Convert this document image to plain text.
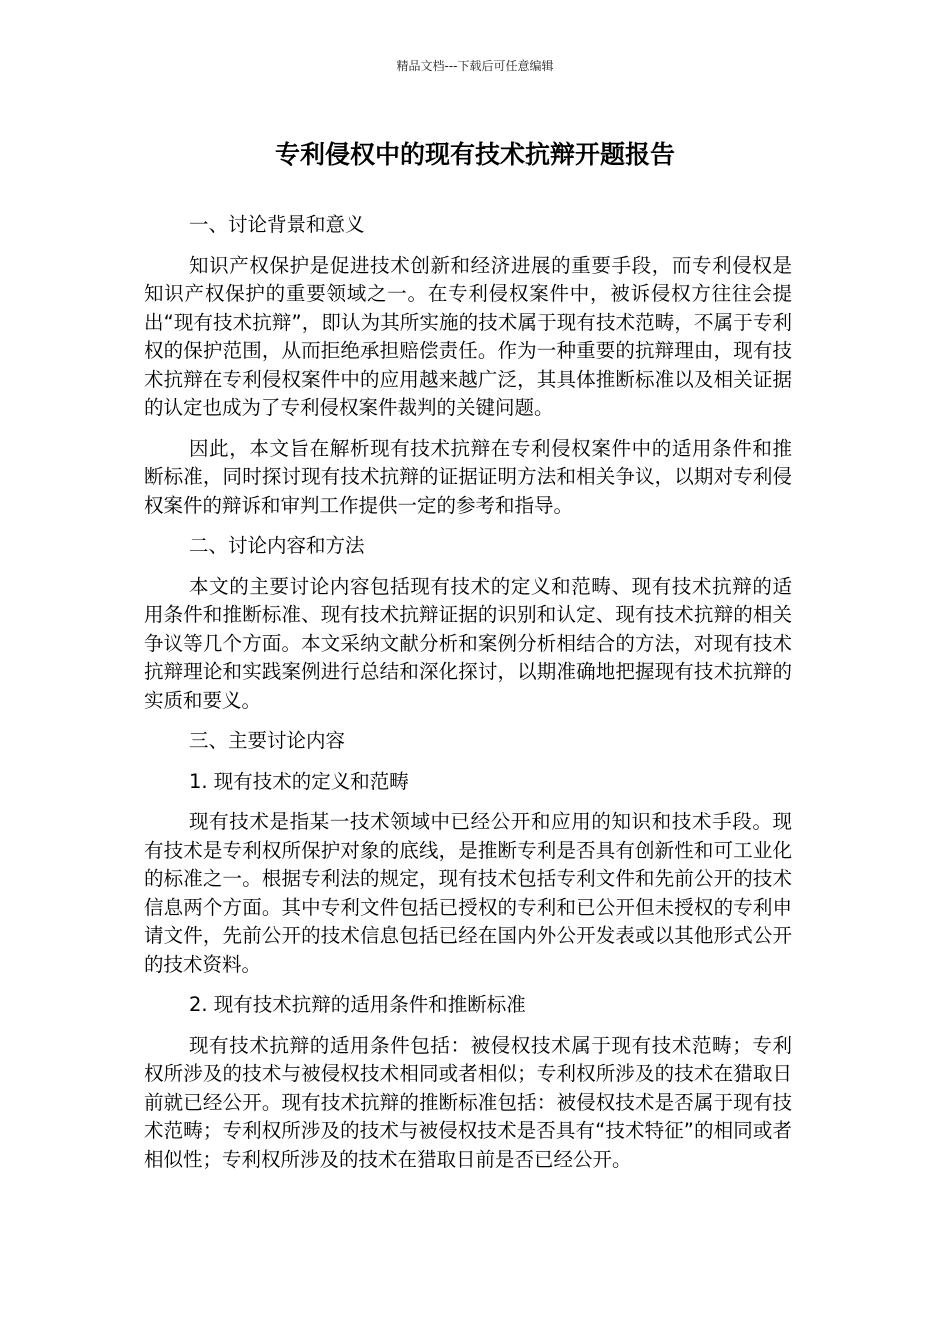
精品文档---下载后可任意编辑
专利侵权中的现有技术抗辩开题报告

一、讨论背景和意义

知识产权保护是促进技术创新和经济进展的重要手段，而专利侵权是知识产权保护的重要领域之一。在专利侵权案件中，被诉侵权方往往会提出“现有技术抗辩”，即认为其所实施的技术属于现有技术范畴，不属于专利权的保护范围，从而拒绝承担赔偿责任。作为一种重要的抗辩理由，现有技术抗辩在专利侵权案件中的应用越来越广泛，其具体推断标准以及相关证据的认定也成为了专利侵权案件裁判的关键问题。

因此，本文旨在解析现有技术抗辩在专利侵权案件中的适用条件和推断标准，同时探讨现有技术抗辩的证据证明方法和相关争议，以期对专利侵权案件的辩诉和审判工作提供一定的参考和指导。

二、讨论内容和方法

本文的主要讨论内容包括现有技术的定义和范畴、现有技术抗辩的适用条件和推断标准、现有技术抗辩证据的识别和认定、现有技术抗辩的相关争议等几个方面。本文采纳文献分析和案例分析相结合的方法，对现有技术抗辩理论和实践案例进行总结和深化探讨，以期准确地把握现有技术抗辩的实质和要义。

三、主要讨论内容

1. 现有技术的定义和范畴

现有技术是指某一技术领域中已经公开和应用的知识和技术手段。现有技术是专利权所保护对象的底线，是推断专利是否具有创新性和可工业化的标准之一。根据专利法的规定，现有技术包括专利文件和先前公开的技术信息两个方面。其中专利文件包括已授权的专利和已公开但未授权的专利申请文件，先前公开的技术信息包括已经在国内外公开发表或以其他形式公开的技术资料。

2. 现有技术抗辩的适用条件和推断标准

现有技术抗辩的适用条件包括：被侵权技术属于现有技术范畴；专利权所涉及的技术与被侵权技术相同或者相似；专利权所涉及的技术在猎取日前就已经公开。现有技术抗辩的推断标准包括：被侵权技术是否属于现有技术范畴；专利权所涉及的技术与被侵权技术是否具有“技术特征”的相同或者相似性；专利权所涉及的技术在猎取日前是否已经公开。
